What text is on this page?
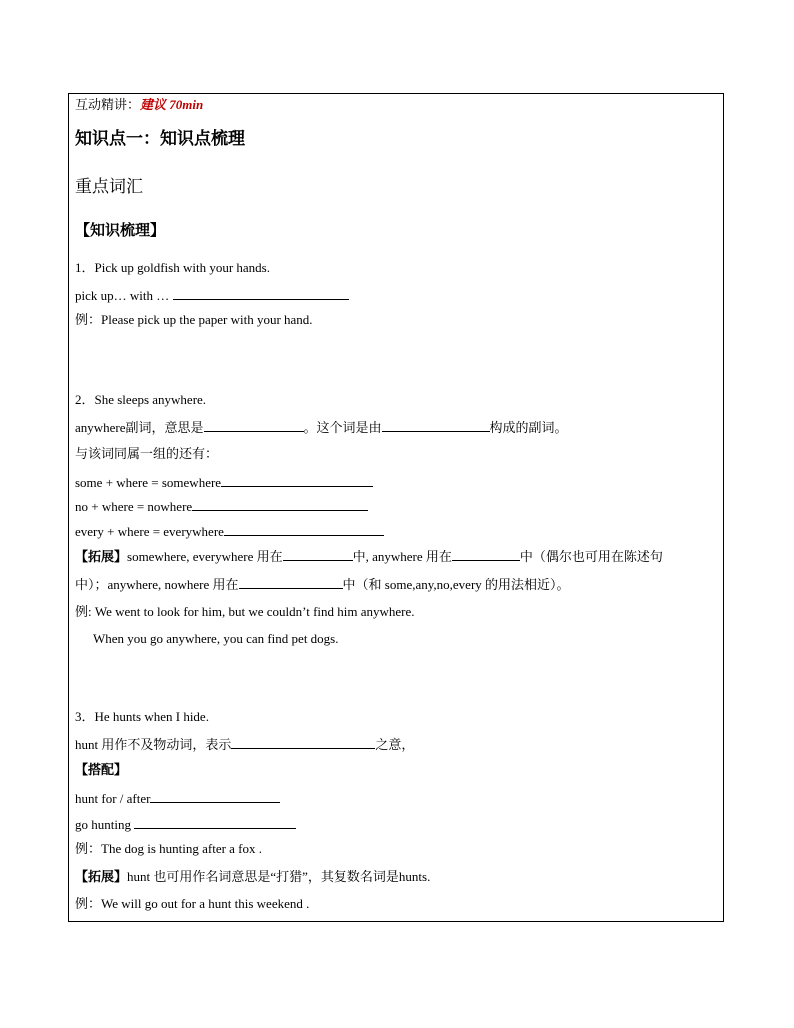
互动精讲：建议 70min
知识点一：知识点梳理
重点词汇
【知识梳理】
1．Pick up goldfish with your hands.
pick up… with …
例：Please pick up the paper with your hand.
2．She sleeps anywhere.
anywhere副词，意思是	。这个词是由	构成的副词。
与该词同属一组的还有：
some + where = somewhere
no + where = nowhere
every + where = everywhere
【拓展】somewhere, everywhere 用在	中, anywhere 用在	中（偶尔也可用在陈述句
中）；anywhere, nowhere 用在	中（和 some,any,no,every 的用法相近）。
例: We went to look for him, but we couldn’t find him anywhere.
When you go anywhere, you can find pet dogs.
3．He hunts when I hide.
hunt 用作不及物动词，表示	之意，
【搭配】
hunt for / after
go hunting
例：The dog is hunting after a fox .
【拓展】hunt 也可用作名词意思是“打猎”，其复数名词是hunts.
例：We will go out for a hunt this weekend .
